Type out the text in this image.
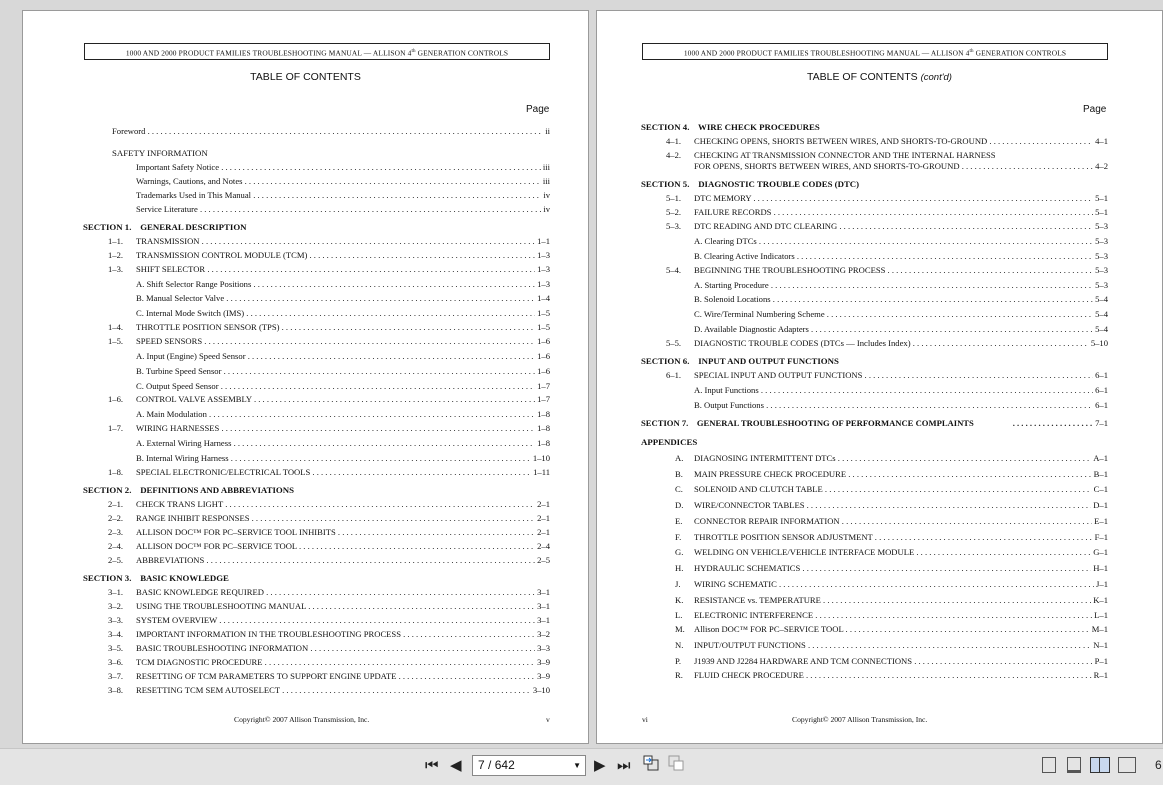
1000 AND 2000 PRODUCT FAMILIES TROUBLESHOOTING MANUAL — ALLISON 4th GENERATION CONTROLS
TABLE OF CONTENTS
Page
Foreword . . .	ii
SAFETY INFORMATION
Important Safety Notice . . .	iii
Warnings, Cautions, and Notes . . .	iii
Trademarks Used in This Manual . . .	iv
Service Literature . . .	iv
SECTION 1.    GENERAL DESCRIPTION
1–1. TRANSMISSION . . .	1–1
1–2. TRANSMISSION CONTROL MODULE (TCM) . . .	1–3
1–3. SHIFT SELECTOR . . .	1–3
A. Shift Selector Range Positions . . .	1–3
B. Manual Selector Valve . . .	1–4
C. Internal Mode Switch (IMS) . . .	1–5
1–4. THROTTLE POSITION SENSOR (TPS) . . .	1–5
1–5. SPEED SENSORS . . .	1–6
A. Input (Engine) Speed Sensor . . .	1–6
B. Turbine Speed Sensor . . .	1–6
C. Output Speed Sensor . . .	1–7
1–6. CONTROL VALVE ASSEMBLY . . .	1–7
A. Main Modulation . . .	1–8
1–7. WIRING HARNESSES . . .	1–8
A. External Wiring Harness . . .	1–8
B. Internal Wiring Harness . . .	1–10
1–8. SPECIAL ELECTRONIC/ELECTRICAL TOOLS . . .	1–11
SECTION 2.    DEFINITIONS AND ABBREVIATIONS
2–1. CHECK TRANS LIGHT . . .	2–1
2–2. RANGE INHIBIT RESPONSES . . .	2–1
2–3. ALLISON DOC™ FOR PC–SERVICE TOOL INHIBITS . . .	2–1
2–4. ALLISON DOC™ FOR PC–SERVICE TOOL . . .	2–4
2–5. ABBREVIATIONS . . .	2–5
SECTION 3.    BASIC KNOWLEDGE
3–1. BASIC KNOWLEDGE REQUIRED . . .	3–1
3–2. USING THE TROUBLESHOOTING MANUAL . . .	3–1
3–3. SYSTEM OVERVIEW . . .	3–1
3–4. IMPORTANT INFORMATION IN THE TROUBLESHOOTING PROCESS . . .	3–2
3–5. BASIC TROUBLESHOOTING INFORMATION . . .	3–3
3–6. TCM DIAGNOSTIC PROCEDURE . . .	3–9
3–7. RESETTING OF TCM PARAMETERS TO SUPPORT ENGINE UPDATE . . .	3–9
3–8. RESETTING TCM SEM AUTOSELECT . . .	3–10
Copyright© 2007 Allison Transmission, Inc.	v
1000 AND 2000 PRODUCT FAMILIES TROUBLESHOOTING MANUAL — ALLISON 4th GENERATION CONTROLS
TABLE OF CONTENTS (cont'd)
Page
SECTION 4.    WIRE CHECK PROCEDURES
4–1. CHECKING OPENS, SHORTS BETWEEN WIRES, AND SHORTS-TO-GROUND . . .	4–1
4–2. CHECKING AT TRANSMISSION CONNECTOR AND THE INTERNAL HARNESS
FOR OPENS, SHORTS BETWEEN WIRES, AND SHORTS-TO-GROUND . . .	4–2
SECTION 5.    DIAGNOSTIC TROUBLE CODES (DTC)
5–1. DTC MEMORY . . .	5–1
5–2. FAILURE RECORDS . . .	5–1
5–3. DTC READING AND DTC CLEARING . . .	5–3
A. Clearing DTCs . . .	5–3
B. Clearing Active Indicators . . .	5–3
5–4. BEGINNING THE TROUBLESHOOTING PROCESS . . .	5–3
A. Starting Procedure . . .	5–3
B. Solenoid Locations . . .	5–4
C. Wire/Terminal Numbering Scheme . . .	5–4
D. Available Diagnostic Adapters . . .	5–4
5–5. DIAGNOSTIC TROUBLE CODES (DTCs — Includes Index) . . .	5–10
SECTION 6.    INPUT AND OUTPUT FUNCTIONS
6–1. SPECIAL INPUT AND OUTPUT FUNCTIONS . . .	6–1
A. Input Functions . . .	6–1
B. Output Functions . . .	6–1
SECTION 7.    GENERAL TROUBLESHOOTING OF PERFORMANCE COMPLAINTS
. . .	7–1
APPENDICES
A. DIAGNOSING INTERMITTENT DTCs . . .	A–1
B. MAIN PRESSURE CHECK PROCEDURE . . .	B–1
C. SOLENOID AND CLUTCH TABLE . . .	C–1
D. WIRE/CONNECTOR TABLES . . .	D–1
E. CONNECTOR REPAIR INFORMATION . . .	E–1
F. THROTTLE POSITION SENSOR ADJUSTMENT . . .	F–1
G. WELDING ON VEHICLE/VEHICLE INTERFACE MODULE . . .	G–1
H. HYDRAULIC SCHEMATICS . . .	H–1
J. WIRING SCHEMATIC . . .	J–1
K. RESISTANCE vs. TEMPERATURE . . .	K–1
L. ELECTRONIC INTERFERENCE . . .	L–1
M. Allison DOC™ FOR PC–SERVICE TOOL . . .	M–1
N. INPUT/OUTPUT FUNCTIONS . . .	N–1
P. J1939 AND J2284 HARDWARE AND TCM CONNECTIONS . . .	P–1
R. FLUID CHECK PROCEDURE . . .	R–1
vi	Copyright© 2007 Allison Transmission, Inc.
⏮ ◀	7 / 642	▼ ▶ ⏭	6
